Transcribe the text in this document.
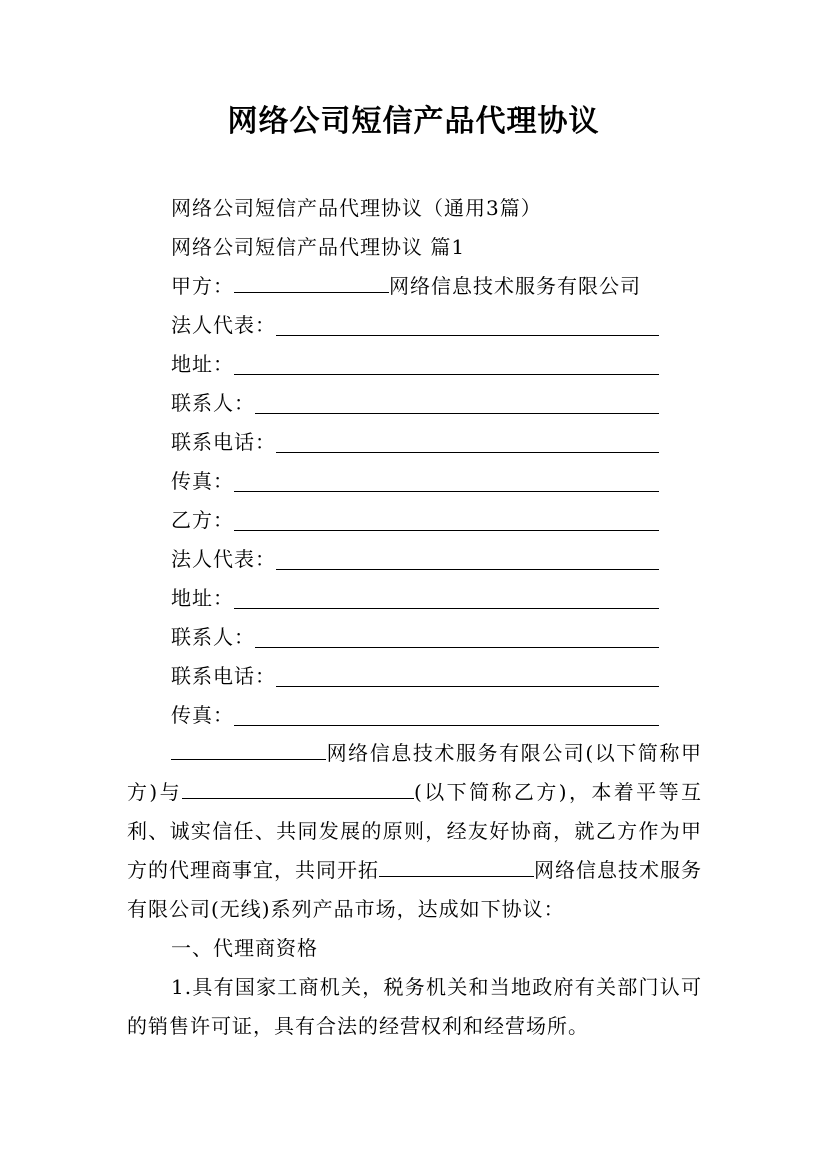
网络公司短信产品代理协议
网络公司短信产品代理协议（通用3篇）
网络公司短信产品代理协议 篇1
甲方：	网络信息技术服务有限公司
法人代表：
地址：
联系人：
联系电话：
传真：
乙方：
法人代表：
地址：
联系人：
联系电话：
传真：
网络信息技术服务有限公司(以下简称甲方)与	(以下简称乙方)，本着平等互利、诚实信任、共同发展的原则，经友好协商，就乙方作为甲方的代理商事宜，共同开拓	网络信息技术服务有限公司(无线)系列产品市场，达成如下协议：
一、代理商资格
1.具有国家工商机关，税务机关和当地政府有关部门认可的销售许可证，具有合法的经营权利和经营场所。
